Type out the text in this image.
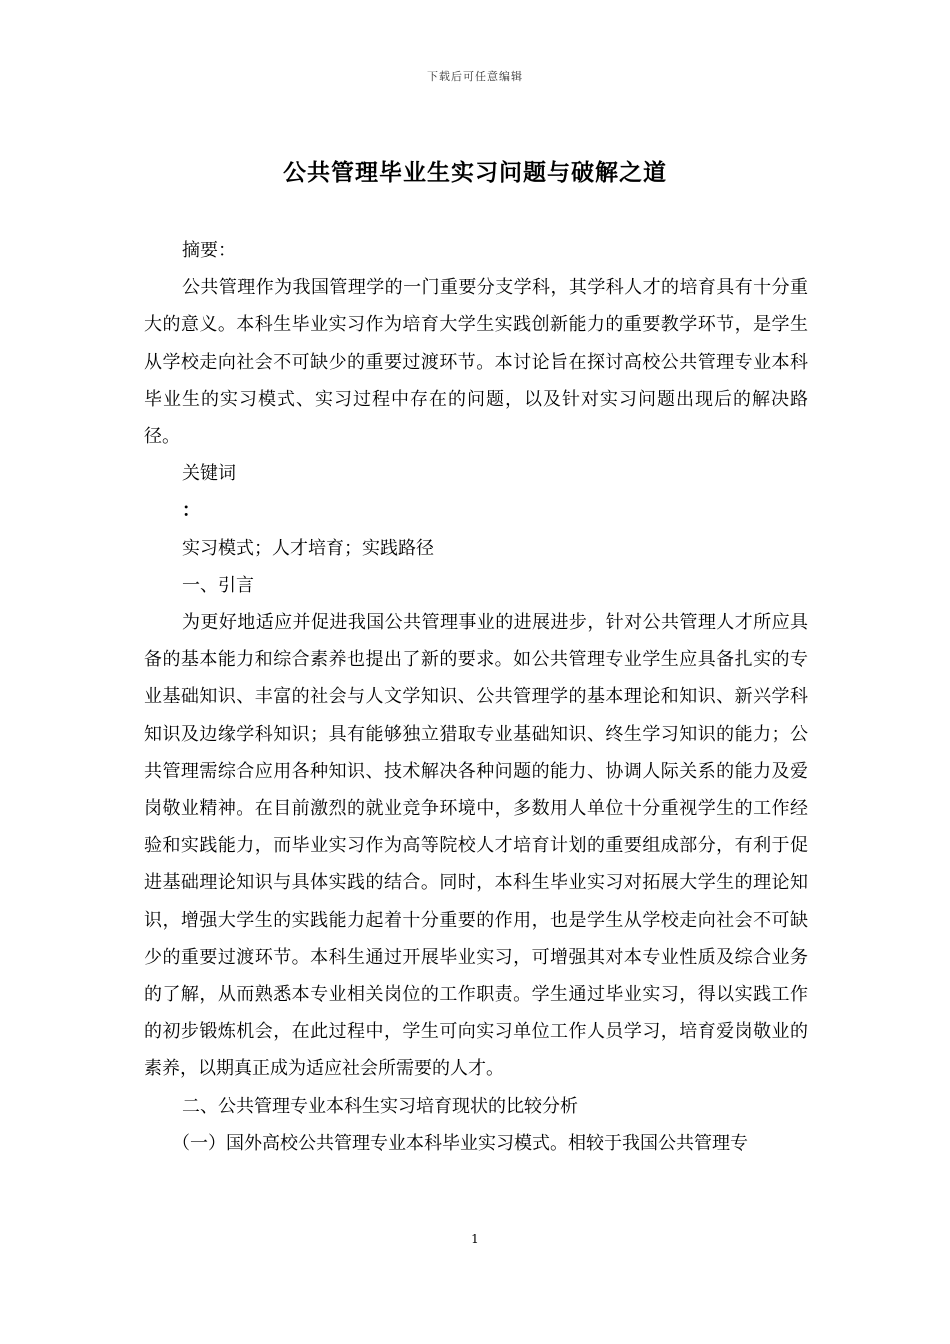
下载后可任意编辑
公共管理毕业生实习问题与破解之道

摘要：

公共管理作为我国管理学的一门重要分支学科，其学科人才的培育具有十分重大的意义。本科生毕业实习作为培育大学生实践创新能力的重要教学环节，是学生从学校走向社会不可缺少的重要过渡环节。本讨论旨在探讨高校公共管理专业本科毕业生的实习模式、实习过程中存在的问题，以及针对实习问题出现后的解决路径。

关键词

：

实习模式；人才培育；实践路径

一、引言

为更好地适应并促进我国公共管理事业的进展进步，针对公共管理人才所应具备的基本能力和综合素养也提出了新的要求。如公共管理专业学生应具备扎实的专业基础知识、丰富的社会与人文学知识、公共管理学的基本理论和知识、新兴学科知识及边缘学科知识；具有能够独立猎取专业基础知识、终生学习知识的能力；公共管理需综合应用各种知识、技术解决各种问题的能力、协调人际关系的能力及爱岗敬业精神。在目前激烈的就业竞争环境中，多数用人单位十分重视学生的工作经验和实践能力，而毕业实习作为高等院校人才培育计划的重要组成部分，有利于促进基础理论知识与具体实践的结合。同时，本科生毕业实习对拓展大学生的理论知识，增强大学生的实践能力起着十分重要的作用，也是学生从学校走向社会不可缺少的重要过渡环节。本科生通过开展毕业实习，可增强其对本专业性质及综合业务的了解，从而熟悉本专业相关岗位的工作职责。学生通过毕业实习，得以实践工作的初步锻炼机会，在此过程中，学生可向实习单位工作人员学习，培育爱岗敬业的素养，以期真正成为适应社会所需要的人才。

二、公共管理专业本科生实习培育现状的比较分析

（一）国外高校公共管理专业本科毕业实习模式。相较于我国公共管理专

1
